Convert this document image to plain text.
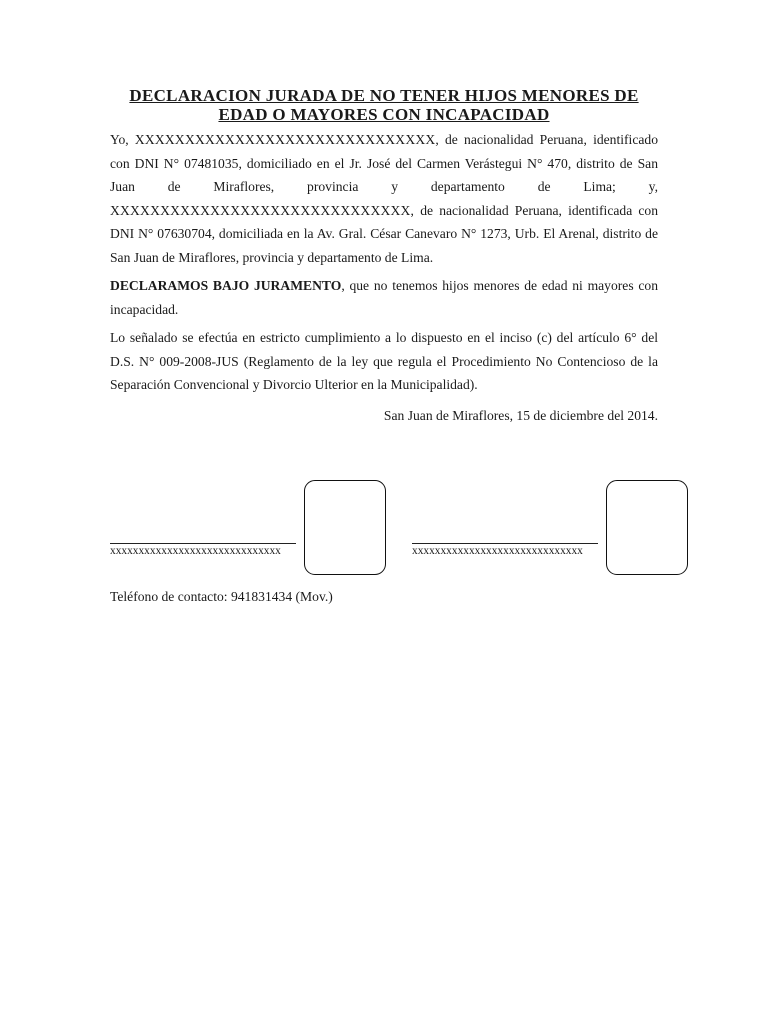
DECLARACION JURADA DE NO TENER HIJOS MENORES DE
EDAD O MAYORES CON INCAPACIDAD

Yo, XXXXXXXXXXXXXXXXXXXXXXXXXXXXXX, de nacionalidad Peruana, identificado con DNI N° 07481035, domiciliado en el Jr. José del Carmen Verástegui N° 470, distrito de San Juan de Miraflores, provincia y departamento de Lima; y, XXXXXXXXXXXXXXXXXXXXXXXXXXXXXX, de nacionalidad Peruana, identificada con DNI N° 07630704, domiciliada en la Av. Gral. César Canevaro N° 1273, Urb. El Arenal, distrito de San Juan de Miraflores, provincia y departamento de Lima.

DECLARAMOS BAJO JURAMENTO, que no tenemos hijos menores de edad ni mayores con incapacidad.

Lo señalado se efectúa en estricto cumplimiento a lo dispuesto en el inciso (c) del artículo 6° del D.S. N° 009-2008-JUS (Reglamento de la ley que regula el Procedimiento No Contencioso de la Separación Convencional y Divorcio Ulterior en la Municipalidad).

San Juan de Miraflores, 15 de diciembre del 2014.

xxxxxxxxxxxxxxxxxxxxxxxxxxxxxx	xxxxxxxxxxxxxxxxxxxxxxxxxxxxxx

Teléfono de contacto: 941831434 (Mov.)
